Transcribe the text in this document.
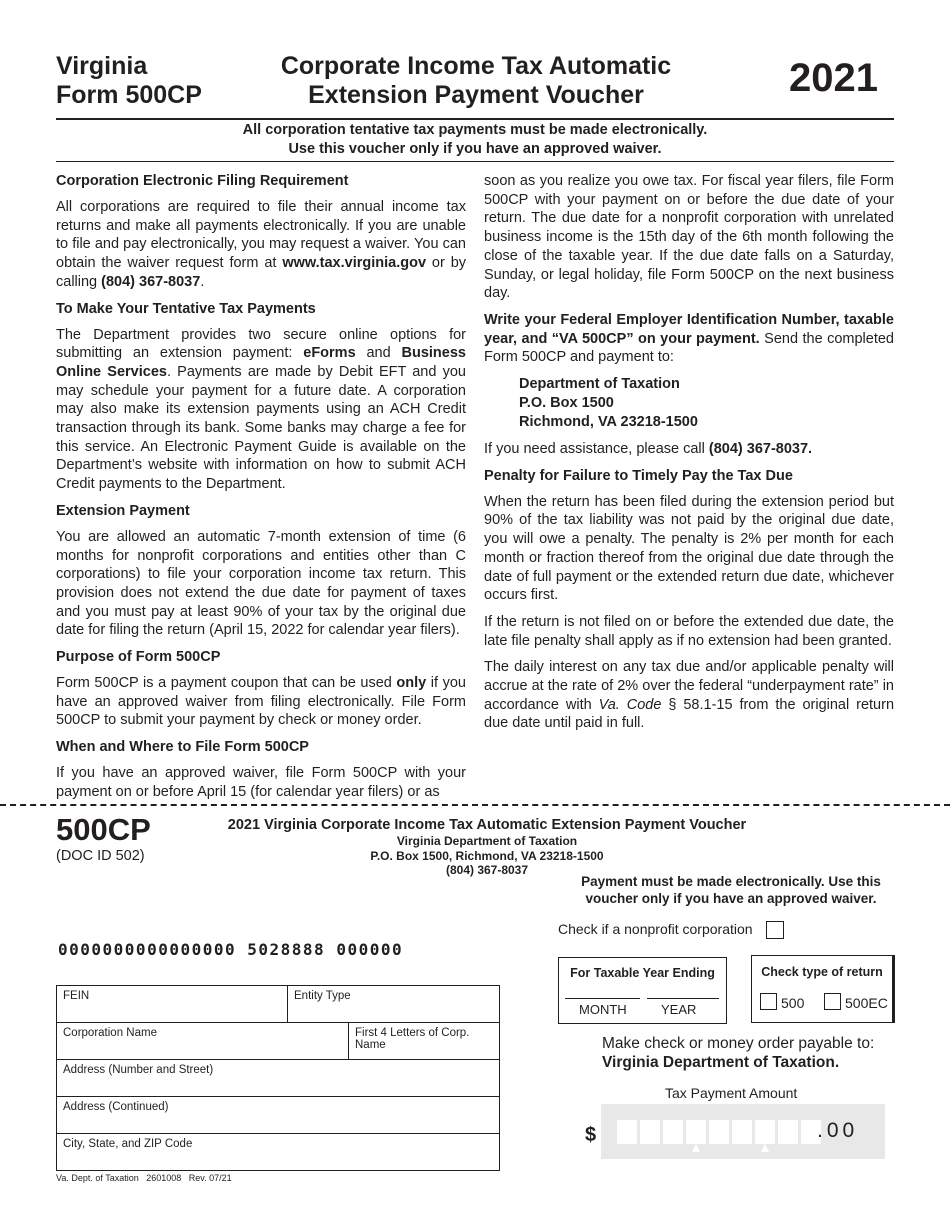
Virginia
Form 500CP
Corporate Income Tax Automatic
Extension Payment Voucher	2021
All corporation tentative tax payments must be made electronically.
Use this voucher only if you have an approved waiver.
Corporation Electronic Filing Requirement

All corporations are required to file their annual income tax returns and make all payments electronically. If you are unable to file and pay electronically, you may request a waiver. You can obtain the waiver request form at www.tax.virginia.gov or by calling (804) 367-8037.

To Make Your Tentative Tax Payments

The Department provides two secure online options for submitting an extension payment: eForms and Business Online Services. Payments are made by Debit EFT and you may schedule your payment for a future date. A corporation may also make its extension payments using an ACH Credit transaction through its bank. Some banks may charge a fee for this service. An Electronic Payment Guide is available on the Department’s website with information on how to submit ACH Credit payments to the Department.

Extension Payment

You are allowed an automatic 7-month extension of time (6 months for nonprofit corporations and entities other than C corporations) to file your corporation income tax return. This provision does not extend the due date for payment of taxes and you must pay at least 90% of your tax by the original due date for filing the return (April 15, 2022 for calendar year filers).

Purpose of Form 500CP

Form 500CP is a payment coupon that can be used only if you have an approved waiver from filing electronically. File Form 500CP to submit your payment by check or money order.

When and Where to File Form 500CP

If you have an approved waiver, file Form 500CP with your payment on or before April 15 (for calendar year filers) or as

soon as you realize you owe tax. For fiscal year filers, file Form 500CP with your payment on or before the due date of your return. The due date for a nonprofit corporation with unrelated business income is the 15th day of the 6th month following the close of the taxable year. If the due date falls on a Saturday, Sunday, or legal holiday, file Form 500CP on the next business day.

Write your Federal Employer Identification Number, taxable year, and “VA 500CP” on your payment. Send the completed Form 500CP and payment to:

Department of Taxation
P.O. Box 1500
Richmond, VA 23218-1500

If you need assistance, please call (804) 367-8037.

Penalty for Failure to Timely Pay the Tax Due

When the return has been filed during the extension period but 90% of the tax liability was not paid by the original due date, you will owe a penalty. The penalty is 2% per month for each month or fraction thereof from the original due date through the date of full payment or the extended return due date, whichever occurs first.

If the return is not filed on or before the extended due date, the late file penalty shall apply as if no extension had been granted.

The daily interest on any tax due and/or applicable penalty will accrue at the rate of 2% over the federal “underpayment rate” in accordance with Va. Code § 58.1-15 from the original return due date until paid in full.

500CP
(DOC ID 502)
2021 Virginia Corporate Income Tax Automatic Extension Payment Voucher
Virginia Department of Taxation
P.O. Box 1500, Richmond, VA 23218-1500
(804) 367-8037
Payment must be made electronically. Use this
voucher only if you have an approved waiver.
Check if a nonprofit corporation
0000000000000000 5028888 000000
For Taxable Year Ending
MONTH	YEAR
Check type of return
500	500EC
Make check or money order payable to:
Virginia Department of Taxation.
Tax Payment Amount
$	.00
FEIN	Entity Type
Corporation Name	First 4 Letters of Corp. Name
Address (Number and Street)
Address (Continued)
City, State, and ZIP Code
Va. Dept. of Taxation   2601008   Rev. 07/21
